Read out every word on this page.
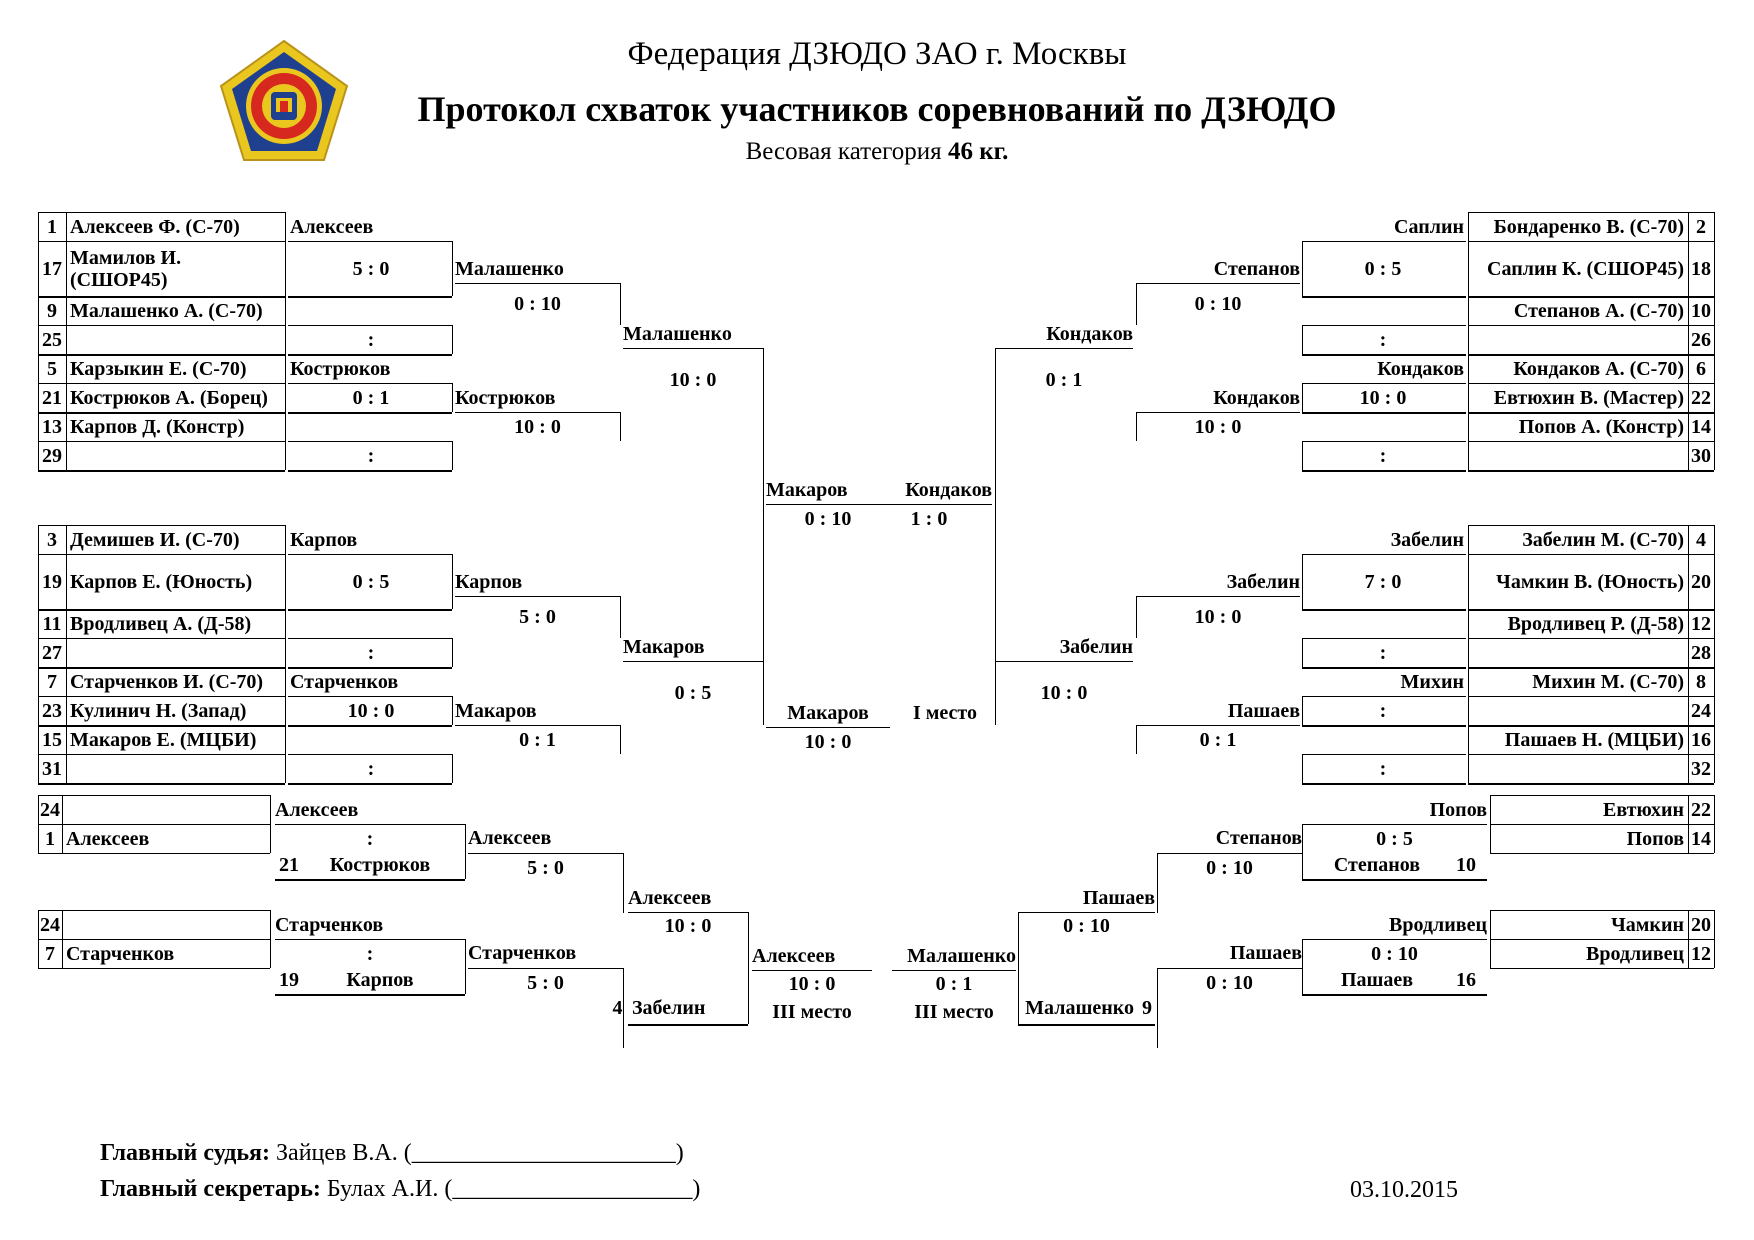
Федерация ДЗЮДО ЗАО г. Москвы
Протокол схваток участников соревнований по ДЗЮДО
Весовая категория 46 кг.
1 Алексеев Ф. (С-70)
17 Мамилов И. (СШОР45)
9 Малашенко А. (С-70)
25
5 Карзыкин Е. (С-70)
21 Кострюков А. (Борец)
13 Карпов Д. (Констр)
29
Алексеев
5 : 0
:
Кострюков
0 : 1
:
Малашенко
0 : 10
Кострюков
10 : 0
Малашенко
10 : 0
3 Демишев И. (С-70)
19 Карпов Е. (Юность)
11 Вродливец А. (Д-58)
27
7 Старченков И. (С-70)
23 Кулинич Н. (Запад)
15 Макаров Е. (МЦБИ)
31
Карпов
0 : 5
:
Старченков
10 : 0
:
Карпов
5 : 0
Макаров
0 : 1
Макаров
0 : 5
Бондаренко В. (С-70) 2
Саплин К. (СШОР45) 18
Степанов А. (С-70) 10
26
Кондаков А. (С-70) 6
Евтюхин В. (Мастер) 22
Попов А. (Констр) 14
30
Саплин
0 : 5
:
Кондаков
10 : 0
:
Степанов
0 : 10
Кондаков
10 : 0
Кондаков
0 : 1
Забелин М. (С-70) 4
Чамкин В. (Юность) 20
Вродливец Р. (Д-58) 12
28
Михин М. (С-70) 8
24
Пашаев Н. (МЦБИ) 16
32
Забелин
7 : 0
:
Михин
:
:
Забелин
10 : 0
Пашаев
0 : 1
Забелин
10 : 0
Макаров
0 : 10
Кондаков
1 : 0
Макаров
10 : 0
I место
24
1 Алексеев
24
7 Старченков
Алексеев
:
21	Кострюков
Алексеев
5 : 0
Старченков
:
19	Карпов
Старченков
5 : 0
Алексеев
10 : 0
4 Забелин
Алексеев
10 : 0
III место
Евтюхин 22
Попов 14
Чамкин 20
Вродливец 12
Попов
0 : 5
Степанов	10
Степанов
0 : 10
Вродливец
0 : 10
Пашаев	16
Пашаев
0 : 10
Пашаев
0 : 10
Малашенко 9
Малашенко
0 : 1
III место
Главный судья: Зайцев В.А. (______________________)
Главный секретарь: Булах А.И. (____________________)	03.10.2015
